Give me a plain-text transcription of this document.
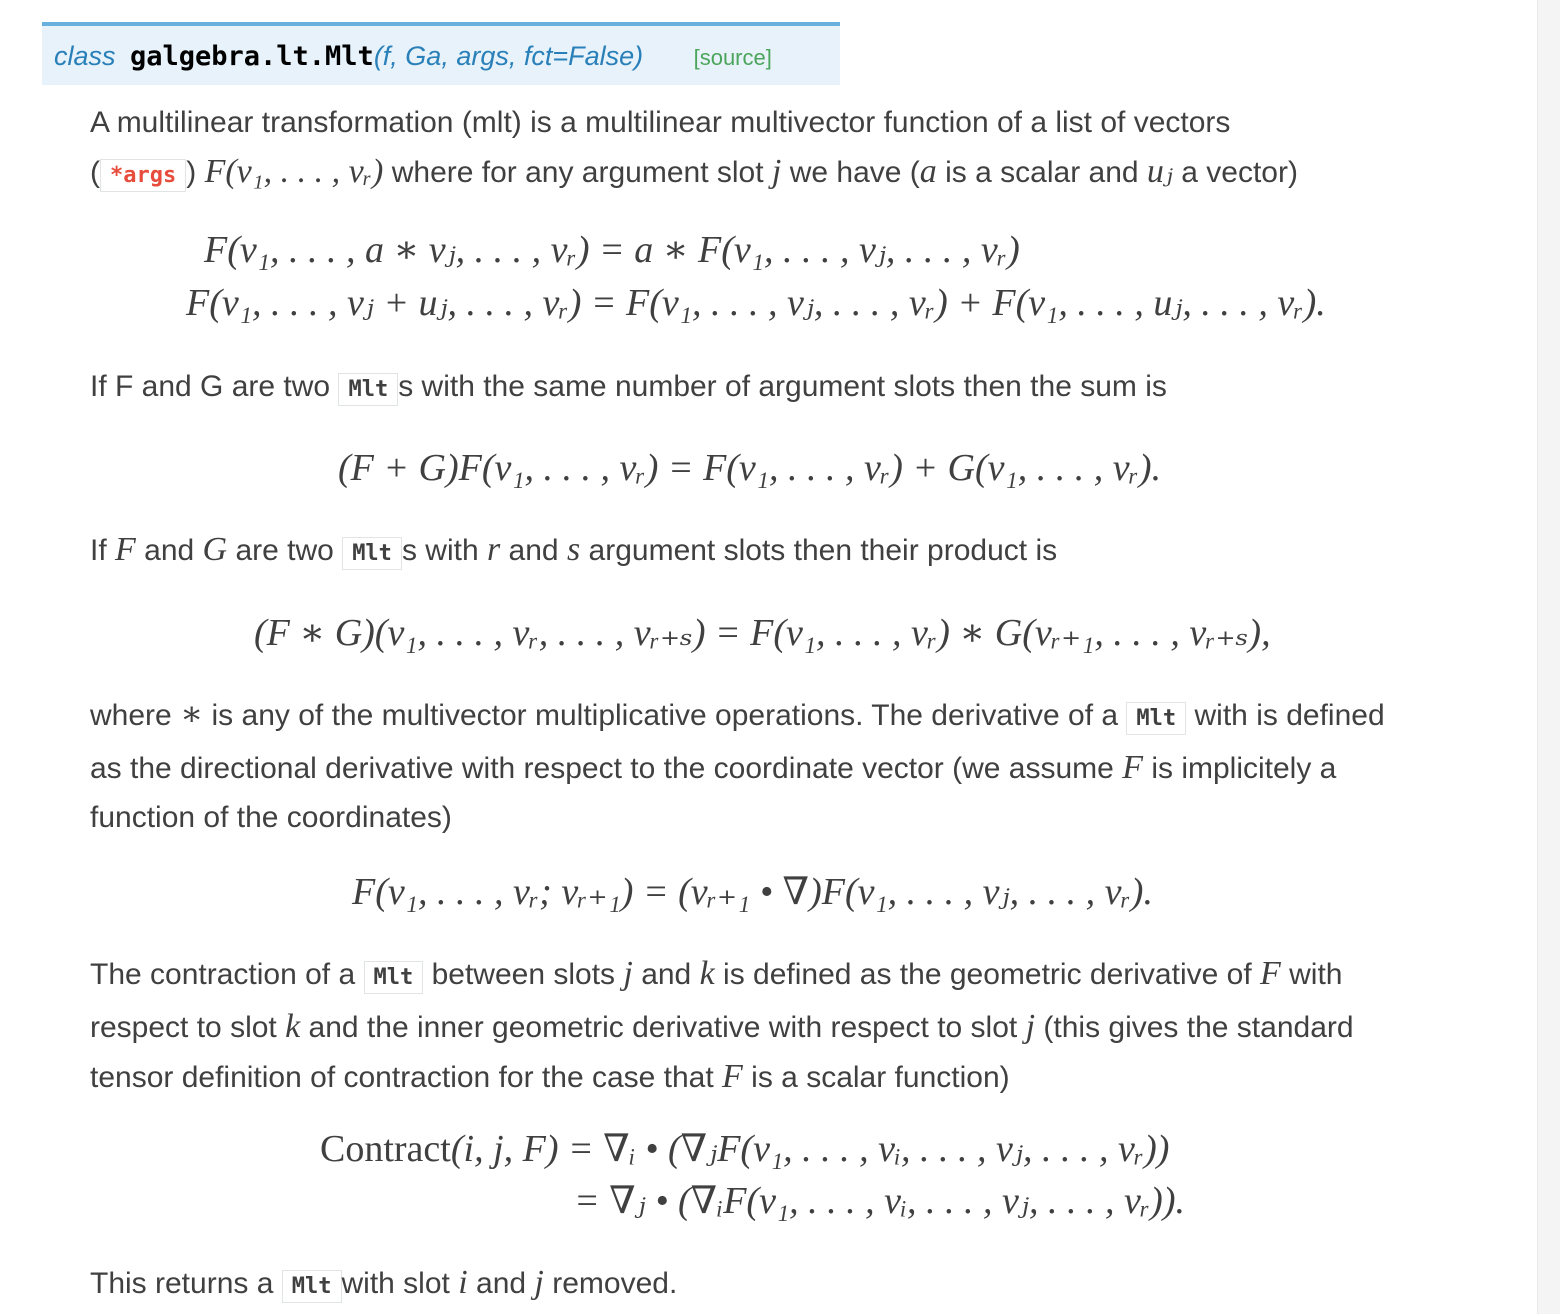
class galgebra.lt.Mlt(f, Ga, args, fct=False) [source]
A multilinear transformation (mlt) is a multilinear multivector function of a list of vectors
( *args ) F(v₁, . . . , vᵣ) where for any argument slot j we have (a is a scalar and uⱼ a vector)
F(v₁, . . . , a ∗ vⱼ, . . . , vᵣ) = a ∗ F(v₁, . . . , vⱼ, . . . , vᵣ)
F(v₁, . . . , vⱼ + uⱼ, . . . , vᵣ) = F(v₁, . . . , vⱼ, . . . , vᵣ) + F(v₁, . . . , uⱼ, . . . , vᵣ).
If F and G are two Mlt s with the same number of argument slots then the sum is
(F + G)F(v₁, . . . , vᵣ) = F(v₁, . . . , vᵣ) + G(v₁, . . . , vᵣ).
If F and G are two Mlt s with r and s argument slots then their product is
(F ∗ G)(v₁, . . . , vᵣ, . . . , vᵣ₊ₛ) = F(v₁, . . . , vᵣ) ∗ G(vᵣ₊₁, . . . , vᵣ₊ₛ),
where ∗ is any of the multivector multiplicative operations. The derivative of a Mlt with is defined as the directional derivative with respect to the coordinate vector (we assume F is implicitely a function of the coordinates)
F(v₁, . . . , vᵣ; vᵣ₊₁) = (vᵣ₊₁ • ∇)F(v₁, . . . , vⱼ, . . . , vᵣ).
The contraction of a Mlt between slots j and k is defined as the geometric derivative of F with respect to slot k and the inner geometric derivative with respect to slot j (this gives the standard tensor definition of contraction for the case that F is a scalar function)
Contract(i, j, F) = ∇ᵢ • (∇ⱼF(v₁, . . . , vᵢ, . . . , vⱼ, . . . , vᵣ))
= ∇ⱼ • (∇ᵢF(v₁, . . . , vᵢ, . . . , vⱼ, . . . , vᵣ)).
This returns a Mlt with slot i and j removed.
